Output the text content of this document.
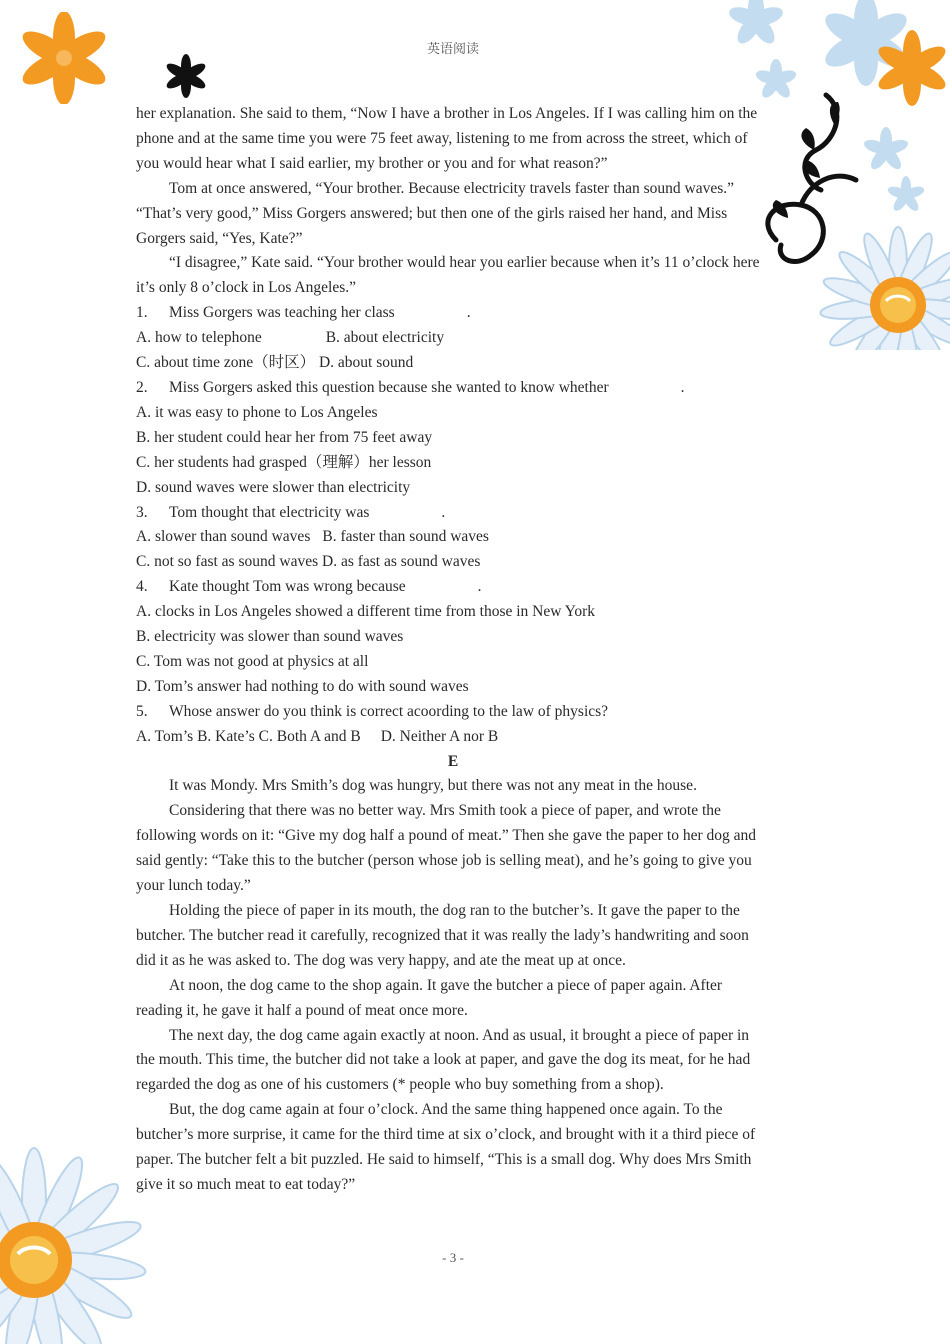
英语阅读

her explanation. She said to them, “Now I have a brother in Los Angeles. If I was calling him on the phone and at the same time you were 75 feet away, listening to me from across the street, which of you would hear what I said earlier, my brother or you and for what reason?”

Tom at once answered, “Your brother. Because electricity travels faster than sound waves.” “That’s very good,” Miss Gorgers answered; but then one of the girls raised her hand, and Miss Gorgers said, “Yes, Kate?”

“I disagree,” Kate said. “Your brother would hear you earlier because when it’s 11 o’clock here it’s only 8 o’clock in Los Angeles.”

1.	Miss Gorgers was teaching her class	.

A. how to telephone	B. about electricity

C. about time zone（时区） D. about sound

2.	Miss Gorgers asked this question because she wanted to know whether	.

A. it was easy to phone to Los Angeles

B. her student could hear her from 75 feet away

C. her students had grasped（理解）her lesson

D. sound waves were slower than electricity

3.	Tom thought that electricity was	.

A. slower than sound waves B. faster than sound waves

C. not so fast as sound waves D. as fast as sound waves

4.	Kate thought Tom was wrong because	.

A. clocks in Los Angeles showed a different time from those in New York

B. electricity was slower than sound waves

C. Tom was not good at physics at all

D. Tom’s answer had nothing to do with sound waves

5.	Whose answer do you think is correct acoording to the law of physics?

A. Tom’s B. Kate’s C. Both A and B D. Neither A nor B

E

It was Mondy. Mrs Smith’s dog was hungry, but there was not any meat in the house.

Considering that there was no better way. Mrs Smith took a piece of paper, and wrote the following words on it: “Give my dog half a pound of meat.” Then she gave the paper to her dog and said gently: “Take this to the butcher (person whose job is selling meat), and he’s going to give you your lunch today.”

Holding the piece of paper in its mouth, the dog ran to the butcher’s. It gave the paper to the butcher. The butcher read it carefully, recognized that it was really the lady’s handwriting and soon did it as he was asked to. The dog was very happy, and ate the meat up at once.

At noon, the dog came to the shop again. It gave the butcher a piece of paper again. After reading it, he gave it half a pound of meat once more.

The next day, the dog came again exactly at noon. And as usual, it brought a piece of paper in the mouth. This time, the butcher did not take a look at paper, and gave the dog its meat, for he had regarded the dog as one of his customers (* people who buy something from a shop).

But, the dog came again at four o’clock. And the same thing happened once again. To the butcher’s more surprise, it came for the third time at six o’clock, and brought with it a third piece of paper. The butcher felt a bit puzzled. He said to himself, “This is a small dog. Why does Mrs Smith give it so much meat to eat today?”

- 3 -
